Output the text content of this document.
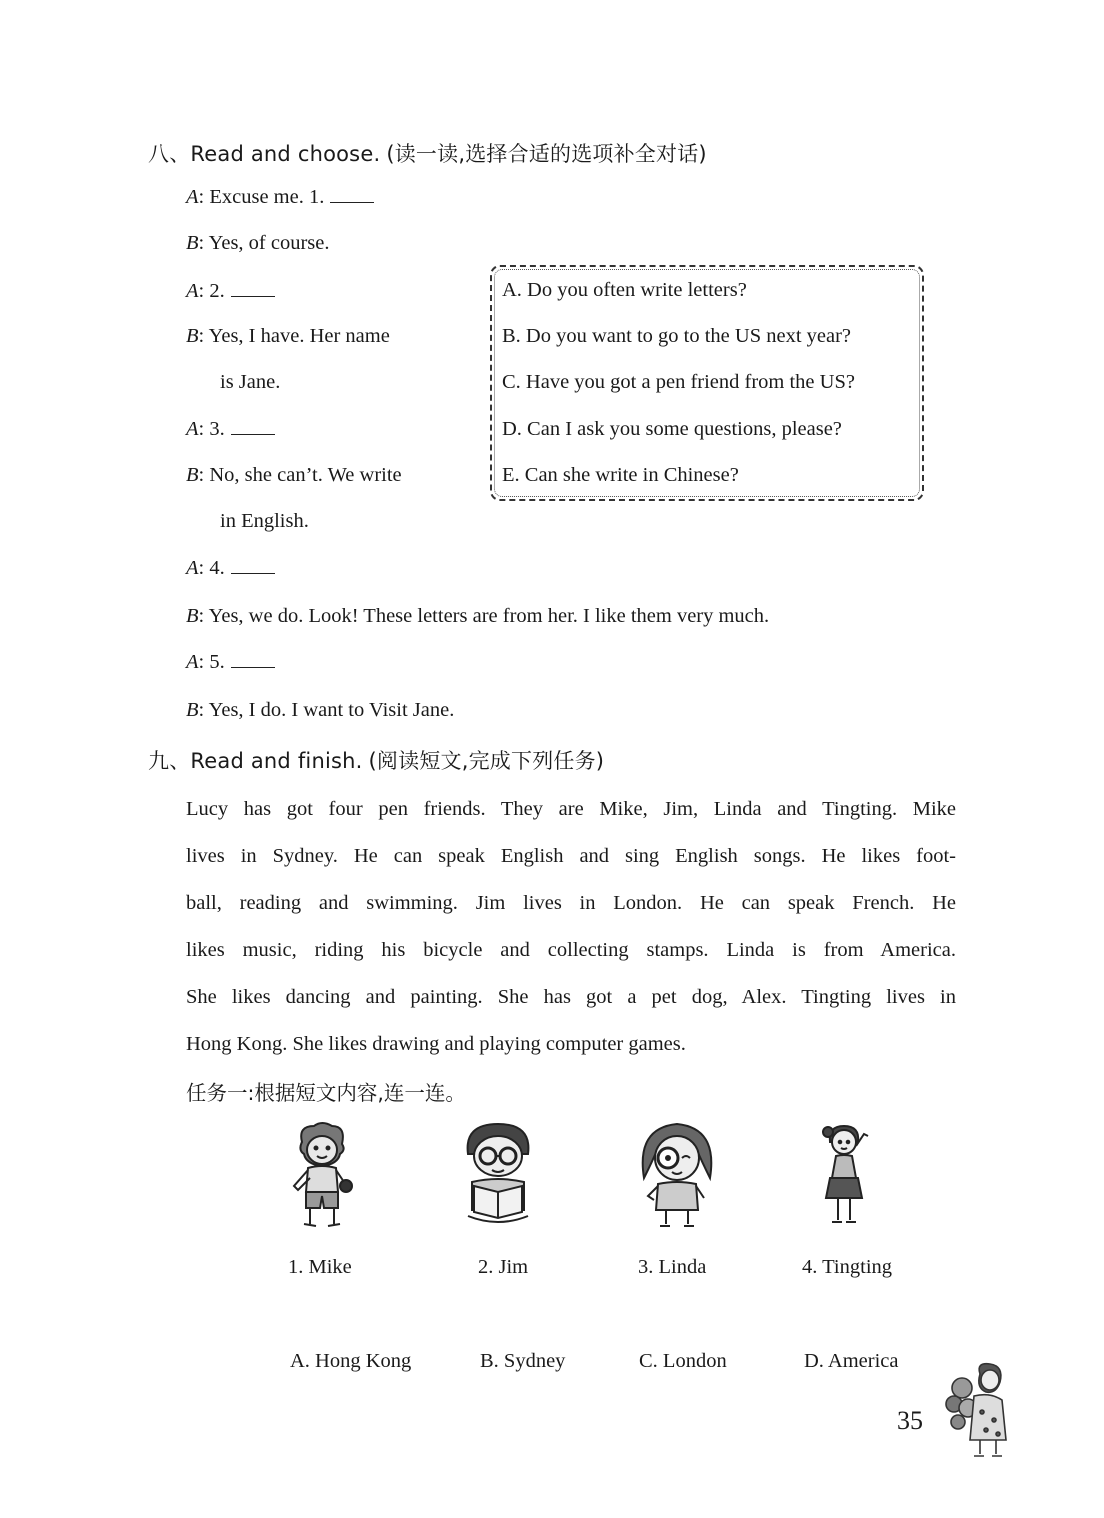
八、Read and choose. (读一读,选择合适的选项补全对话)
A: Excuse me. 1.
B: Yes, of course.
A: 2.
B: Yes, I have. Her name
is Jane.
A: 3.
B: No, she can’t. We write
in English.
A: 4.
B: Yes, we do. Look! These letters are from her. I like them very much.
A: 5.
B: Yes, I do. I want to Visit Jane.
A. Do you often write letters?
B. Do you want to go to the US next year?
C. Have you got a pen friend from the US?
D. Can I ask you some questions, please?
E. Can she write in Chinese?
九、Read and finish. (阅读短文,完成下列任务)
Lucy has got four pen friends. They are Mike, Jim, Linda and Tingting. Mike
lives in Sydney. He can speak English and sing English songs. He likes foot-
ball, reading and swimming. Jim lives in London. He can speak French. He
likes music, riding his bicycle and collecting stamps. Linda is from America.
She likes dancing and painting. She has got a pet dog, Alex. Tingting lives in
Hong Kong. She likes drawing and playing computer games.
任务一:根据短文内容,连一连。
1. Mike	2. Jim	3. Linda	4. Tingting
A. Hong Kong	B. Sydney	C. London	D. America
35
